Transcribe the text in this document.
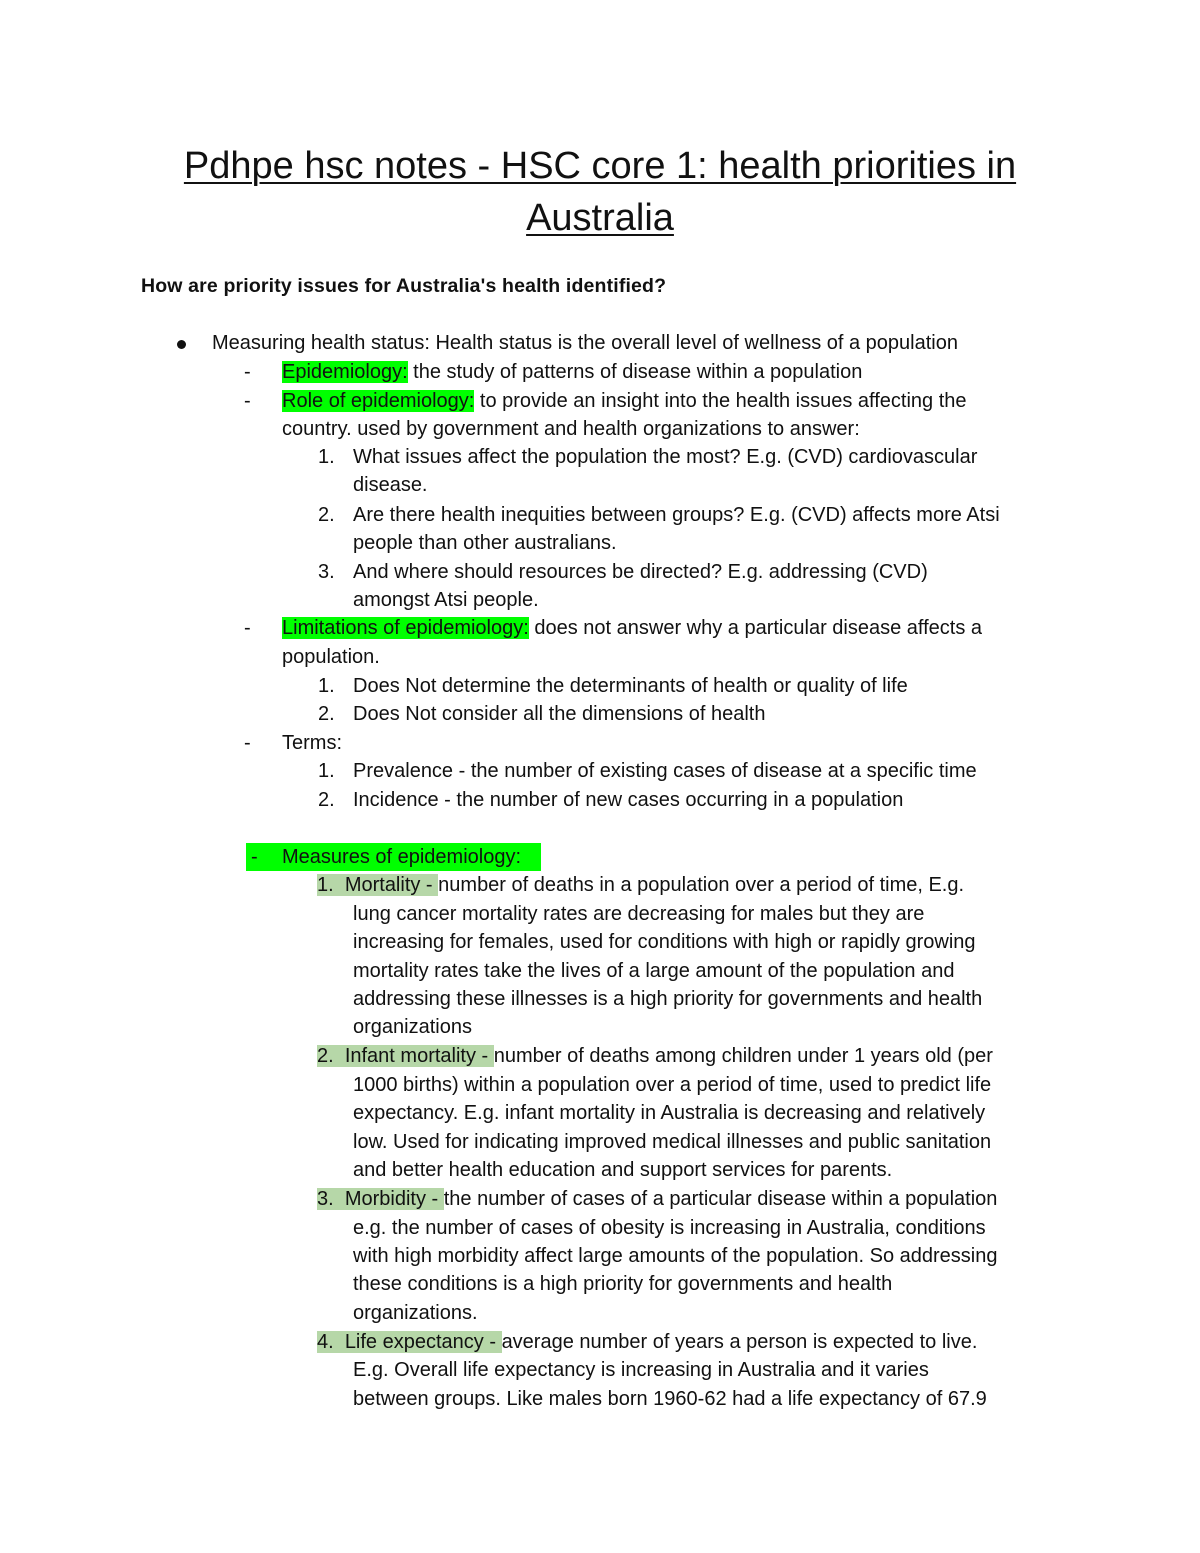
Pdhpe hsc notes - HSC core 1: health priorities in
Australia
How are priority issues for Australia's health identified?
Measuring health status: Health status is the overall level of wellness of a population
- Epidemiology: the study of patterns of disease within a population
- Role of epidemiology: to provide an insight into the health issues affecting the
country. used by government and health organizations to answer:
1. What issues affect the population the most? E.g. (CVD) cardiovascular
disease.
2. Are there health inequities between groups? E.g. (CVD) affects more Atsi
people than other australians.
3. And where should resources be directed? E.g. addressing (CVD)
amongst Atsi people.
- Limitations of epidemiology: does not answer why a particular disease affects a
population.
1. Does Not determine the determinants of health or quality of life
2. Does Not consider all the dimensions of health
- Terms:
1. Prevalence - the number of existing cases of disease at a specific time
2. Incidence - the number of new cases occurring in a population
- Measures of epidemiology:
1. Mortality - number of deaths in a population over a period of time, E.g.
lung cancer mortality rates are decreasing for males but they are
increasing for females, used for conditions with high or rapidly growing
mortality rates take the lives of a large amount of the population and
addressing these illnesses is a high priority for governments and health
organizations
2. Infant mortality - number of deaths among children under 1 years old (per
1000 births) within a population over a period of time, used to predict life
expectancy. E.g. infant mortality in Australia is decreasing and relatively
low. Used for indicating improved medical illnesses and public sanitation
and better health education and support services for parents.
3. Morbidity - the number of cases of a particular disease within a population
e.g. the number of cases of obesity is increasing in Australia, conditions
with high morbidity affect large amounts of the population. So addressing
these conditions is a high priority for governments and health
organizations.
4. Life expectancy - average number of years a person is expected to live.
E.g. Overall life expectancy is increasing in Australia and it varies
between groups. Like males born 1960-62 had a life expectancy of 67.9
